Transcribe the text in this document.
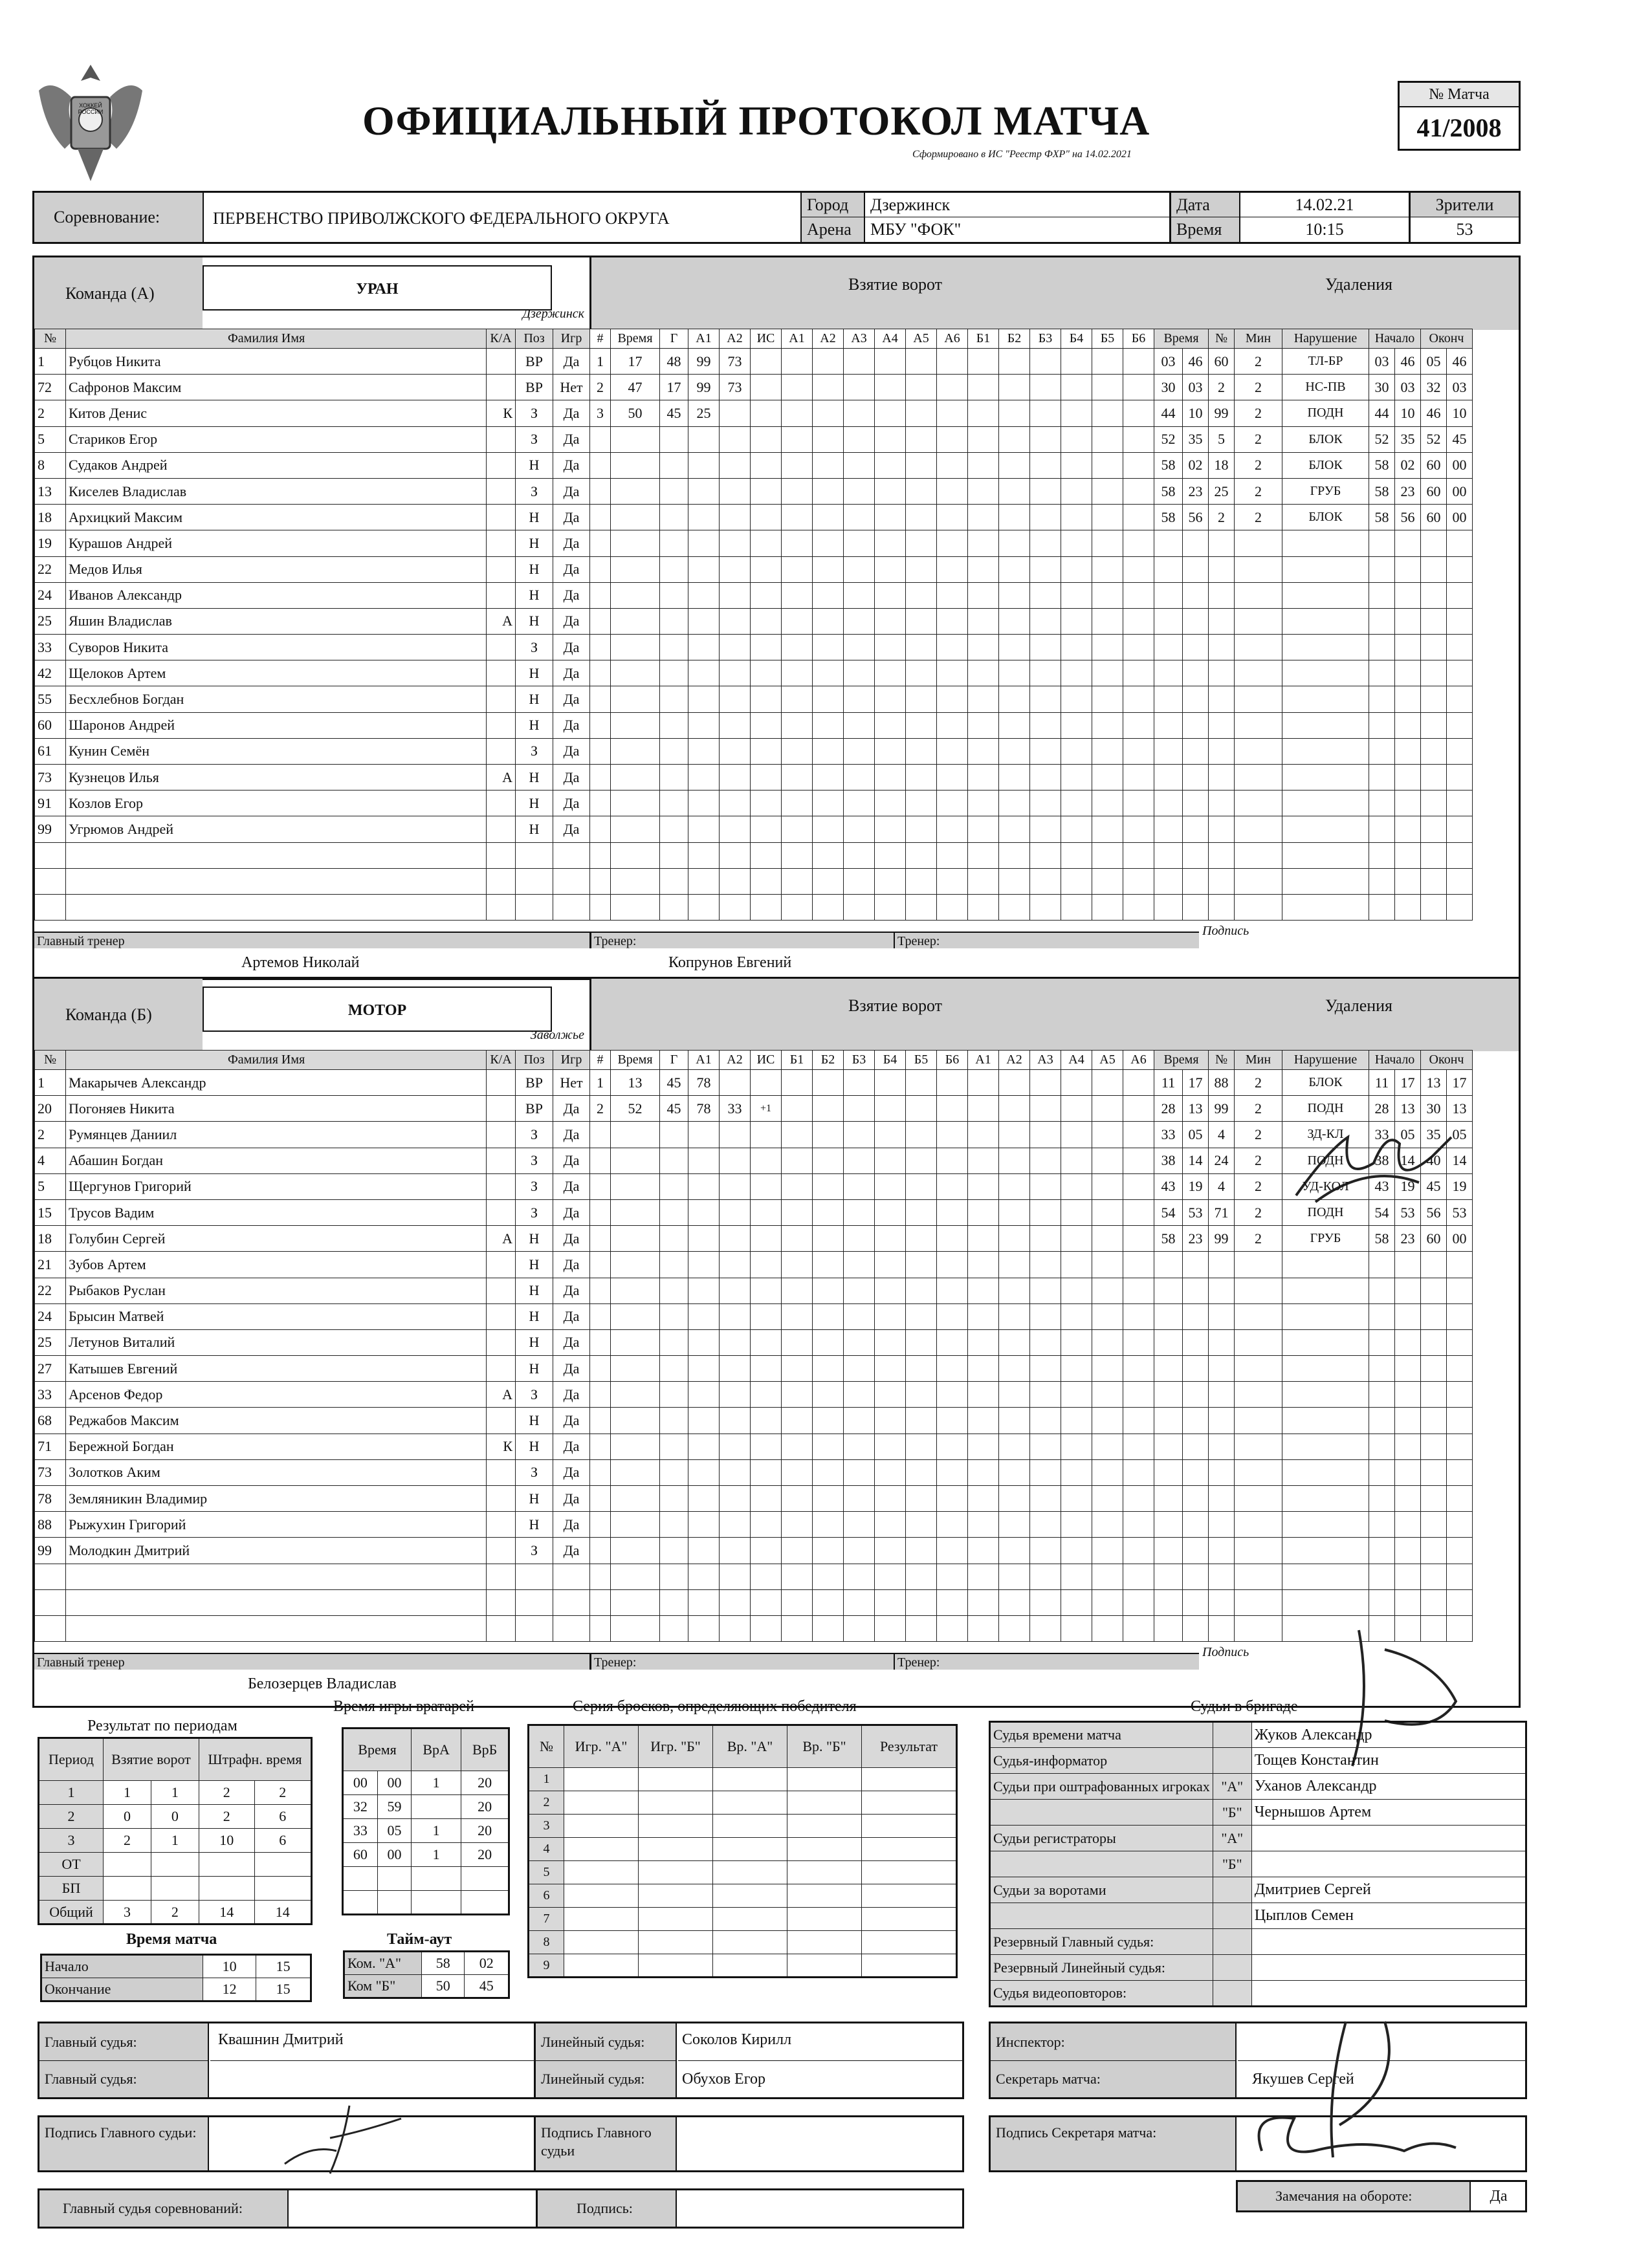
ХОККЕЙ РОССИИ	ОФИЦИАЛЬНЫЙ ПРОТОКОЛ МАТЧА
Сформировано в ИС "Реестр ФХР" на 14.02.2021
№ Матча
41/2008
Соревнование:	ПЕРВЕНСТВО ПРИВОЛЖСКОГО ФЕДЕРАЛЬНОГО ОКРУГА
Город	Дзержинск
Арена	МБУ "ФОК"
Дата	14.02.21
Время	10:15
Зрители
53
Команда (А)	УРАН
Дзержинск
Взятие ворот	Удаления
№	Фамилия Имя	К/А	Поз	Игр	#	Время	Г	А1	А2	ИС	А1	А2	А3	А4	А5	А6	Б1	Б2	Б3	Б4	Б5	Б6	Время		№	Мин	Нарушение	Начало		Оконч	
1	Рубцов Никита		ВР	Да	1	17	48	99	73														03	46	60	2	ТЛ-БР	03	46	05	46
72	Сафронов Максим		ВР	Нет	2	47	17	99	73														30	03	2	2	НС-ПВ	30	03	32	03
2	Китов Денис	К	З	Да	3	50	45	25															44	10	99	2	ПОДН	44	10	46	10
5	Стариков Егор		З	Да																			52	35	5	2	БЛОК	52	35	52	45
8	Судаков Андрей		Н	Да																			58	02	18	2	БЛОК	58	02	60	00
13	Киселев Владислав		З	Да																			58	23	25	2	ГРУБ	58	23	60	00
18	Архицкий Максим		Н	Да																			58	56	2	2	БЛОК	58	56	60	00
19	Курашов Андрей		Н	Да																											
22	Медов Илья		Н	Да																											
24	Иванов Александр		Н	Да																											
25	Яшин Владислав	А	Н	Да																											
33	Суворов Никита		З	Да																											
42	Щелоков Артем		Н	Да																											
55	Бесхлебнов Богдан		Н	Да																											
60	Шаронов Андрей		Н	Да																											
61	Кунин Семён		З	Да																											
73	Кузнецов Илья	А	Н	Да																											
91	Козлов Егор		Н	Да																											
99	Угрюмов Андрей		Н	Да																											

Главный тренер
Артемов Николай
Тренер:
Копрунов Евгений
Тренер:
Подпись
Команда (Б)	МОТОР
Заволжье
Взятие ворот	Удаления
№	Фамилия Имя	К/А	Поз	Игр	#	Время	Г	А1	А2	ИС	Б1	Б2	Б3	Б4	Б5	Б6	А1	А2	А3	А4	А5	А6	Время		№	Мин	Нарушение	Начало		Оконч	
1	Макарычев Александр		ВР	Нет	1	13	45	78															11	17	88	2	БЛОК	11	17	13	17
20	Погоняев Никита		ВР	Да	2	52	45	78	33	+1													28	13	99	2	ПОДН	28	13	30	13
2	Румянцев Даниил		З	Да																			33	05	4	2	ЗД-КЛ	33	05	35	05
4	Абашин Богдан		З	Да																			38	14	24	2	ПОДН	38	14	40	14
5	Щергунов Григорий		З	Да																			43	19	4	2	УД-КОЛ	43	19	45	19
15	Трусов Вадим		З	Да																			54	53	71	2	ПОДН	54	53	56	53
18	Голубин Сергей	А	Н	Да																			58	23	99	2	ГРУБ	58	23	60	00
21	Зубов Артем		Н	Да																											
22	Рыбаков Руслан		Н	Да																											
24	Брысин Матвей		Н	Да																											
25	Летунов Виталий		Н	Да																											
27	Катышев Евгений		Н	Да																											
33	Арсенов Федор	А	З	Да																											
68	Реджабов Максим		Н	Да																											
71	Бережной Богдан	К	Н	Да																											
73	Золотков Аким		З	Да																											
78	Земляникин Владимир		Н	Да																											
88	Рыжухин Григорий		Н	Да																											
99	Молодкин Дмитрий		З	Да																											

Главный тренер
Белозерцев Владислав
Тренер:	Тренер:
Подпись
Результат по периодам
Период	Взятие ворот		Штрафн. время	
1	1	1	2	2
2	0	0	2	6
3	2	1	10	6
ОТ				
БП				
Общий	3	2	14	14
Время игры вратарей
Время		ВрА	ВрБ
00	00	1	20
32	59		20
33	05	1	20
60	00	1	20

Время матча
Начало	10	15
Окончание	12	15
Тайм-аут
Ком. "А"	58	02
Ком "Б"	50	45
Серия бросков, определяющих победителя
№	Игр. "А"	Игр. "Б"	Вр. "А"	Вр. "Б"	Результат
1					
2					
3					
4					
5					
6					
7					
8					
9					
Судьи в бригаде
Судья времени матча		Жуков Александр
Судья-информатор		Тощев Константин
Судьи при оштрафованных игроках	"А"	Уханов Александр
	"Б"	Чернышов Артем
Судьи регистраторы	"А"	
	"Б"	
Судьи за воротами		Дмитриев Сергей
		Цыплов Семен
Резервный Главный судья:		
Резервный Линейный судья:		
Судья видеоповторов:		
Главный судья:	Квашнин Дмитрий
Главный судья:
Линейный судья:	Соколов Кирилл
Линейный судья:	Обухов Егор
Инспектор:
Секретарь матча:	Якушев Сергей
Подпись Главного судьи:	Подпись Главного судьи
Подпись Секретаря матча:
Главный судья соревнований:	Подпись:
Замечания на обороте:	Да
